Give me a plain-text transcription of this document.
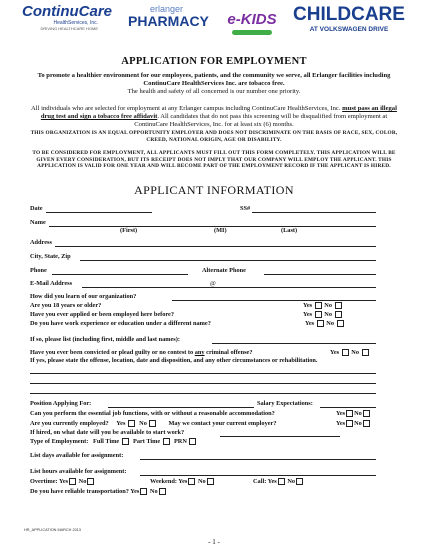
ContinuCare
HealthServices, Inc.
DRIVING HEALTHCARE HOME
erlanger
PHARMACY	e-KIDS CHILDCARE
AT VOLKSWAGEN DRIVE
APPLICATION FOR EMPLOYMENT
To promote a healthier environment for our employees, patients, and the community we serve, all Erlanger facilities including ContinuCare HealthServices Inc. are tobacco free.
The health and safety of all concerned is our number one priority.
All individuals who are selected for employment at any Erlanger campus including ContinuCare HealthServices, Inc. must pass an illegal drug test and sign a tobacco free affidavit. All candidates that do not pass this screening will be disqualified from employment at ContinuCare HealthServices, Inc. for at least six (6) months.
THIS ORGANIZATION IS AN EQUAL OPPORTUNITY EMPLOYER AND DOES NOT DISCRIMINATE ON THE BASIS OF RACE, SEX, COLOR, CREED, NATIONAL ORIGIN, AGE OR DISABILITY.
TO BE CONSIDERED FOR EMPLOYMENT, ALL APPLICANTS MUST FILL OUT THIS FORM COMPLETELY. THIS APPLICATION WILL BE GIVEN EVERY CONSIDERATION, BUT ITS RECEIPT DOES NOT IMPLY THAT OUR COMPANY WILL EMPLOY THE APPLICANT. THIS APPLICATION IS VALID FOR ONE YEAR AND WILL BECOME PART OF THE EMPLOYMENT RECORD IF THE APPLICANT IS HIRED.
APPLICANT INFORMATION
Date	SS#
Name
(First)	(MI)	(Last)
Address
City, State, Zip
Phone	Alternate Phone
E-Mail Address	@
How did you learn of our organization?
Are you 18 years or older?	Yes No
Have you ever applied or been employed here before?	Yes No
Do you have work experience or education under a different name?	Yes No
If so, please list (including first, middle and last names):
Have you ever been convicted or plead guilty or no contest to any criminal offense?	Yes No
If yes, please state the offense, location, date and disposition, and any other circumstances or rehabilitation.
Position Applying For:	Salary Expectations:
Can you perform the essential job functions, with or without a reasonable accommodation?	Yes No
Are you currently employed? Yes No	May we contact your current employer?	Yes No
If hired, on what date will you be available to start work?
Type of Employment: Full Time Part Time PRN
List days available for assignment:
List hours available for assignment:
Overtime: Yes No	Weekend: Yes No	Call: Yes No
Do you have reliable transportation? Yes No
HR_APPLICATION MARCH 2013
- 1 -
